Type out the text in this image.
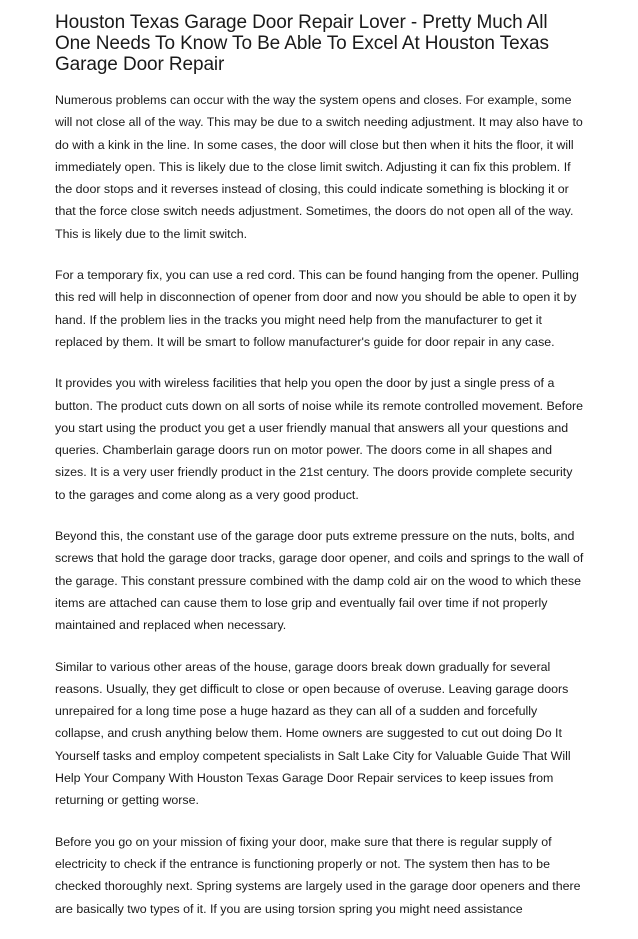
Houston Texas Garage Door Repair Lover - Pretty Much All One Needs To Know To Be Able To Excel At Houston Texas Garage Door Repair

Numerous problems can occur with the way the system opens and closes. For example, some will not close all of the way. This may be due to a switch needing adjustment. It may also have to do with a kink in the line. In some cases, the door will close but then when it hits the floor, it will immediately open. This is likely due to the close limit switch. Adjusting it can fix this problem. If the door stops and it reverses instead of closing, this could indicate something is blocking it or that the force close switch needs adjustment. Sometimes, the doors do not open all of the way. This is likely due to the limit switch.

For a temporary fix, you can use a red cord. This can be found hanging from the opener. Pulling this red will help in disconnection of opener from door and now you should be able to open it by hand. If the problem lies in the tracks you might need help from the manufacturer to get it replaced by them. It will be smart to follow manufacturer's guide for door repair in any case.

It provides you with wireless facilities that help you open the door by just a single press of a button. The product cuts down on all sorts of noise while its remote controlled movement. Before you start using the product you get a user friendly manual that answers all your questions and queries. Chamberlain garage doors run on motor power. The doors come in all shapes and sizes. It is a very user friendly product in the 21st century. The doors provide complete security to the garages and come along as a very good product.

Beyond this, the constant use of the garage door puts extreme pressure on the nuts, bolts, and screws that hold the garage door tracks, garage door opener, and coils and springs to the wall of the garage. This constant pressure combined with the damp cold air on the wood to which these items are attached can cause them to lose grip and eventually fail over time if not properly maintained and replaced when necessary.

Similar to various other areas of the house, garage doors break down gradually for several reasons. Usually, they get difficult to close or open because of overuse. Leaving garage doors unrepaired for a long time pose a huge hazard as they can all of a sudden and forcefully collapse, and crush anything below them. Home owners are suggested to cut out doing Do It Yourself tasks and employ competent specialists in Salt Lake City for Valuable Guide That Will Help Your Company With Houston Texas Garage Door Repair services to keep issues from returning or getting worse.

Before you go on your mission of fixing your door, make sure that there is regular supply of electricity to check if the entrance is functioning properly or not. The system then has to be checked thoroughly next. Spring systems are largely used in the garage door openers and there are basically two types of it. If you are using torsion spring you might need assistance
